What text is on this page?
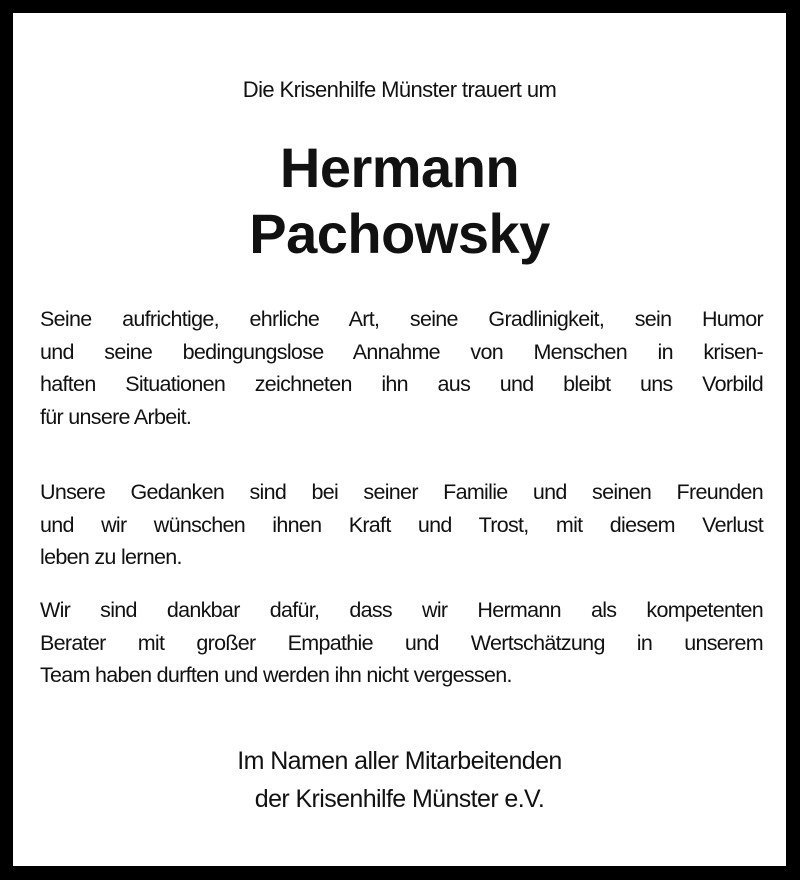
Die Krisenhilfe Münster trauert um
Hermann
Pachowsky
Seine aufrichtige, ehrliche Art, seine Gradlinigkeit, sein Humor
und seine bedingungslose Annahme von Menschen in krisen-
haften Situationen zeichneten ihn aus und bleibt uns Vorbild
für unsere Arbeit.
Unsere Gedanken sind bei seiner Familie und seinen Freunden
und wir wünschen ihnen Kraft und Trost, mit diesem Verlust
leben zu lernen.
Wir sind dankbar dafür, dass wir Hermann als kompetenten
Berater mit großer Empathie und Wertschätzung in unserem
Team haben durften und werden ihn nicht vergessen.
Im Namen aller Mitarbeitenden
der Krisenhilfe Münster e.V.
